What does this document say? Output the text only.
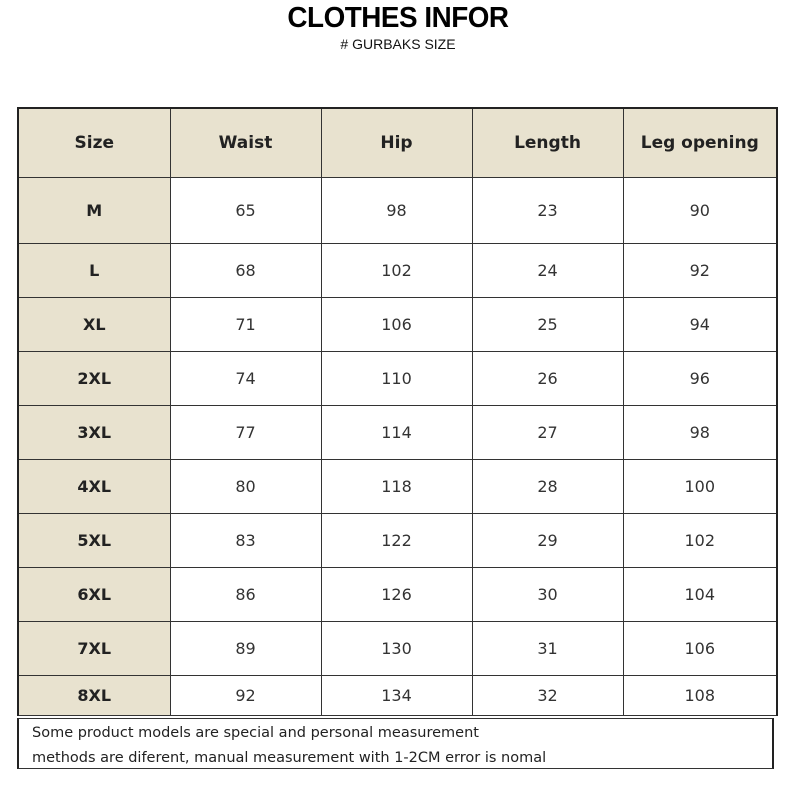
CLOTHES INFOR
# GURBAKS SIZE
Size	Waist	Hip	Length	Leg opening
M	65	98	23	90
L	68	102	24	92
XL	71	106	25	94
2XL	74	110	26	96
3XL	77	114	27	98
4XL	80	118	28	100
5XL	83	122	29	102
6XL	86	126	30	104
7XL	89	130	31	106
8XL	92	134	32	108
Some product models are special and personal measurement
methods are diferent, manual measurement with 1-2CM error is nomal
